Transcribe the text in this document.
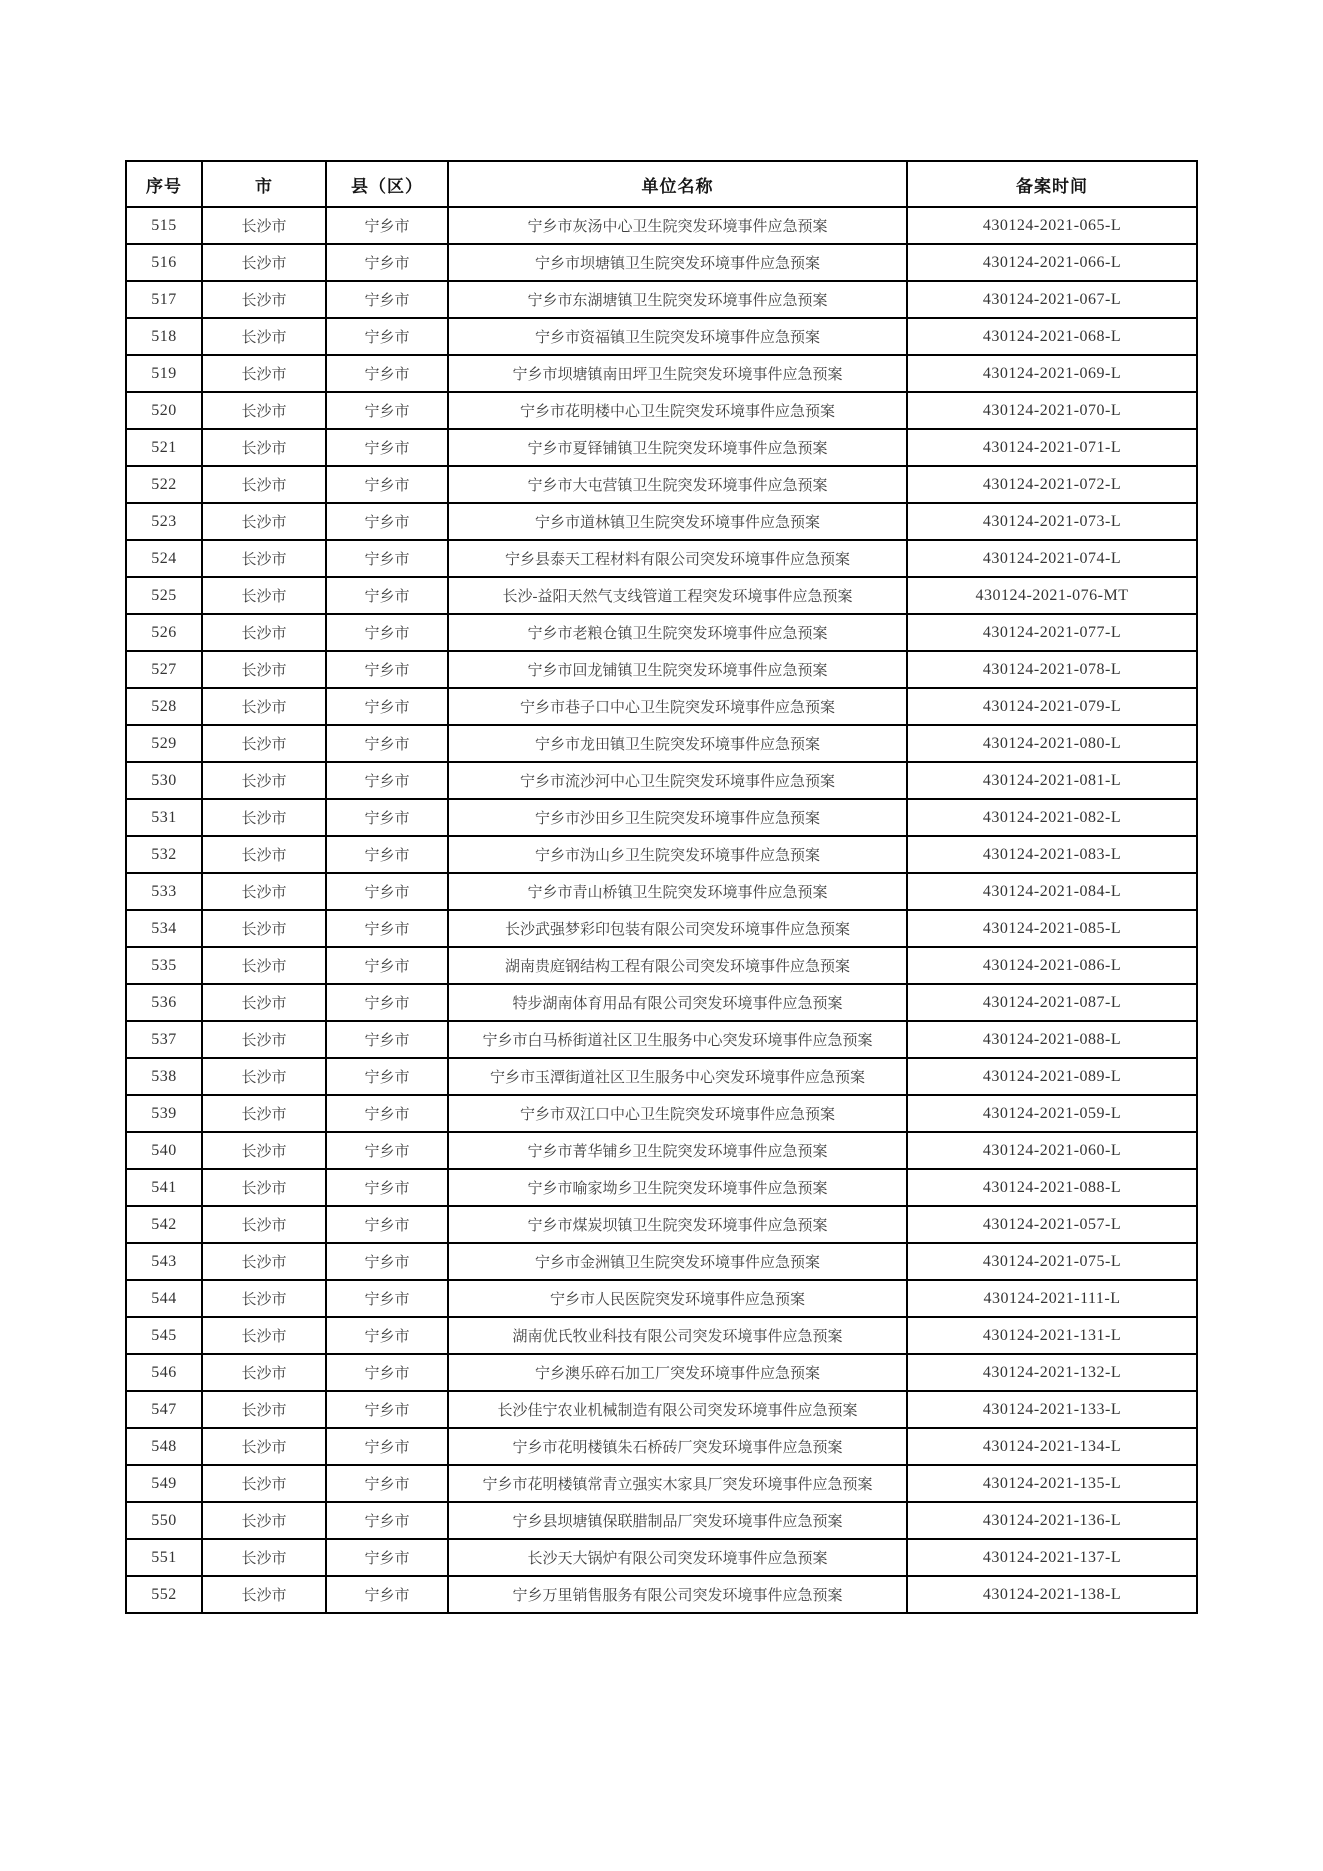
序号	市	县（区）	单位名称	备案时间
515	长沙市	宁乡市	宁乡市灰汤中心卫生院突发环境事件应急预案	430124-2021-065-L
516	长沙市	宁乡市	宁乡市坝塘镇卫生院突发环境事件应急预案	430124-2021-066-L
517	长沙市	宁乡市	宁乡市东湖塘镇卫生院突发环境事件应急预案	430124-2021-067-L
518	长沙市	宁乡市	宁乡市资福镇卫生院突发环境事件应急预案	430124-2021-068-L
519	长沙市	宁乡市	宁乡市坝塘镇南田坪卫生院突发环境事件应急预案	430124-2021-069-L
520	长沙市	宁乡市	宁乡市花明楼中心卫生院突发环境事件应急预案	430124-2021-070-L
521	长沙市	宁乡市	宁乡市夏铎铺镇卫生院突发环境事件应急预案	430124-2021-071-L
522	长沙市	宁乡市	宁乡市大屯营镇卫生院突发环境事件应急预案	430124-2021-072-L
523	长沙市	宁乡市	宁乡市道林镇卫生院突发环境事件应急预案	430124-2021-073-L
524	长沙市	宁乡市	宁乡县泰天工程材料有限公司突发环境事件应急预案	430124-2021-074-L
525	长沙市	宁乡市	长沙-益阳天然气支线管道工程突发环境事件应急预案	430124-2021-076-MT
526	长沙市	宁乡市	宁乡市老粮仓镇卫生院突发环境事件应急预案	430124-2021-077-L
527	长沙市	宁乡市	宁乡市回龙铺镇卫生院突发环境事件应急预案	430124-2021-078-L
528	长沙市	宁乡市	宁乡市巷子口中心卫生院突发环境事件应急预案	430124-2021-079-L
529	长沙市	宁乡市	宁乡市龙田镇卫生院突发环境事件应急预案	430124-2021-080-L
530	长沙市	宁乡市	宁乡市流沙河中心卫生院突发环境事件应急预案	430124-2021-081-L
531	长沙市	宁乡市	宁乡市沙田乡卫生院突发环境事件应急预案	430124-2021-082-L
532	长沙市	宁乡市	宁乡市沩山乡卫生院突发环境事件应急预案	430124-2021-083-L
533	长沙市	宁乡市	宁乡市青山桥镇卫生院突发环境事件应急预案	430124-2021-084-L
534	长沙市	宁乡市	长沙武强梦彩印包装有限公司突发环境事件应急预案	430124-2021-085-L
535	长沙市	宁乡市	湖南贵庭钢结构工程有限公司突发环境事件应急预案	430124-2021-086-L
536	长沙市	宁乡市	特步湖南体育用品有限公司突发环境事件应急预案	430124-2021-087-L
537	长沙市	宁乡市	宁乡市白马桥街道社区卫生服务中心突发环境事件应急预案	430124-2021-088-L
538	长沙市	宁乡市	宁乡市玉潭街道社区卫生服务中心突发环境事件应急预案	430124-2021-089-L
539	长沙市	宁乡市	宁乡市双江口中心卫生院突发环境事件应急预案	430124-2021-059-L
540	长沙市	宁乡市	宁乡市菁华铺乡卫生院突发环境事件应急预案	430124-2021-060-L
541	长沙市	宁乡市	宁乡市喻家坳乡卫生院突发环境事件应急预案	430124-2021-088-L
542	长沙市	宁乡市	宁乡市煤炭坝镇卫生院突发环境事件应急预案	430124-2021-057-L
543	长沙市	宁乡市	宁乡市金洲镇卫生院突发环境事件应急预案	430124-2021-075-L
544	长沙市	宁乡市	宁乡市人民医院突发环境事件应急预案	430124-2021-111-L
545	长沙市	宁乡市	湖南优氏牧业科技有限公司突发环境事件应急预案	430124-2021-131-L
546	长沙市	宁乡市	宁乡澳乐碎石加工厂突发环境事件应急预案	430124-2021-132-L
547	长沙市	宁乡市	长沙佳宁农业机械制造有限公司突发环境事件应急预案	430124-2021-133-L
548	长沙市	宁乡市	宁乡市花明楼镇朱石桥砖厂突发环境事件应急预案	430124-2021-134-L
549	长沙市	宁乡市	宁乡市花明楼镇常青立强实木家具厂突发环境事件应急预案	430124-2021-135-L
550	长沙市	宁乡市	宁乡县坝塘镇保联腊制品厂突发环境事件应急预案	430124-2021-136-L
551	长沙市	宁乡市	长沙天大锅炉有限公司突发环境事件应急预案	430124-2021-137-L
552	长沙市	宁乡市	宁乡万里销售服务有限公司突发环境事件应急预案	430124-2021-138-L
